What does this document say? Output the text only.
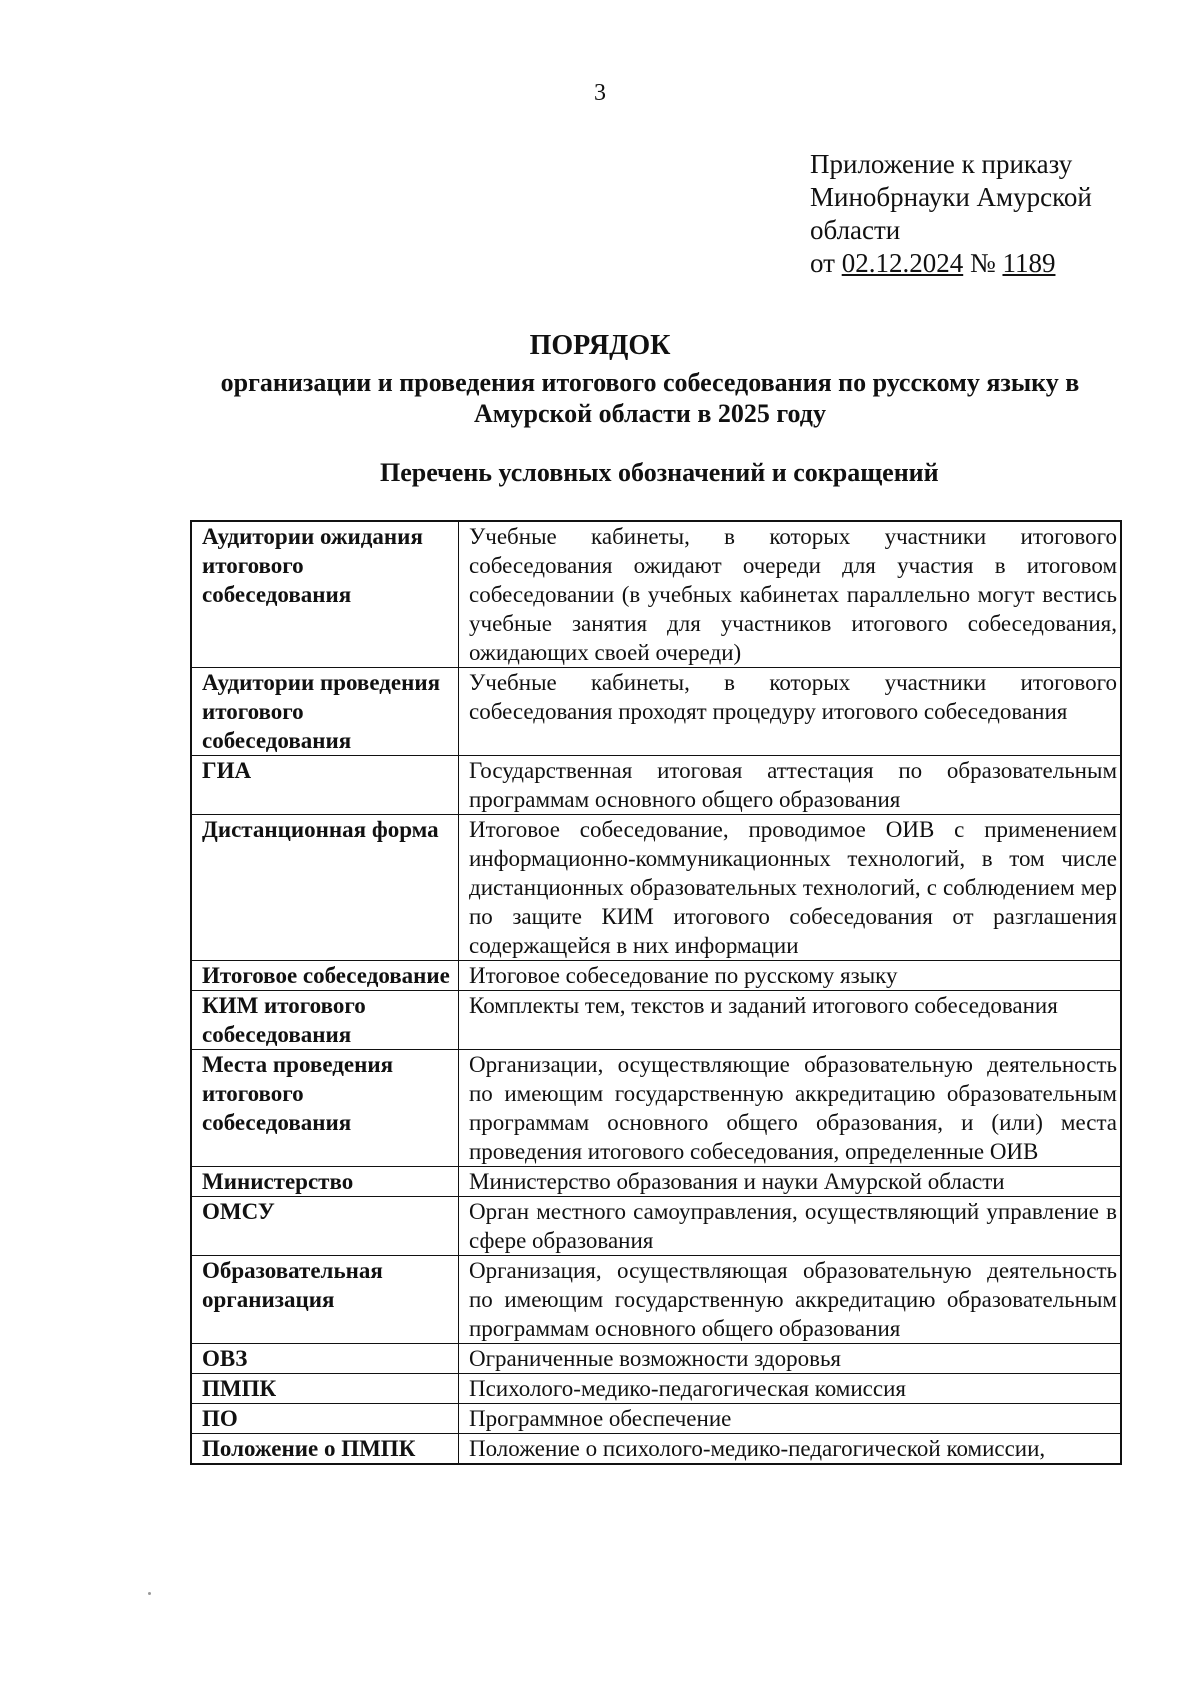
3
Приложение к приказу
Минобрнауки Амурской
области
от 02.12.2024 № 1189
ПОРЯДОК
организации и проведения итогового собеседования по русскому языку в Амурской области в 2025 году
Перечень условных обозначений и сокращений
Аудитории ожидания итогового собеседования	Учебные кабинеты, в которых участники итогового собеседования ожидают очереди для участия в итоговом собеседовании (в учебных кабинетах параллельно могут вестись учебные занятия для участников итогового собеседования, ожидающих своей очереди)
Аудитории проведения итогового собеседования	Учебные кабинеты, в которых участники итогового собеседования проходят процедуру итогового собеседования
ГИА	Государственная итоговая аттестация по образовательным программам основного общего образования
Дистанционная форма	Итоговое собеседование, проводимое ОИВ с применением информационно-коммуникационных технологий, в том числе дистанционных образовательных технологий, с соблюдением мер по защите КИМ итогового собеседования от разглашения содержащейся в них информации
Итоговое собеседование	Итоговое собеседование по русскому языку
КИМ итогового собеседования	Комплекты тем, текстов и заданий итогового собеседования
Места проведения итогового собеседования	Организации, осуществляющие образовательную деятельность по имеющим государственную аккредитацию образовательным программам основного общего образования, и (или) места проведения итогового собеседования, определенные ОИВ
Министерство	Министерство образования и науки Амурской области
ОМСУ	Орган местного самоуправления, осуществляющий управление в сфере образования
Образовательная организация	Организация, осуществляющая образовательную деятельность по имеющим государственную аккредитацию образовательным программам основного общего образования
ОВЗ	Ограниченные возможности здоровья
ПМПК	Психолого-медико-педагогическая комиссия
ПО	Программное обеспечение
Положение о ПМПК	Положение о психолого-медико-педагогической комиссии,
